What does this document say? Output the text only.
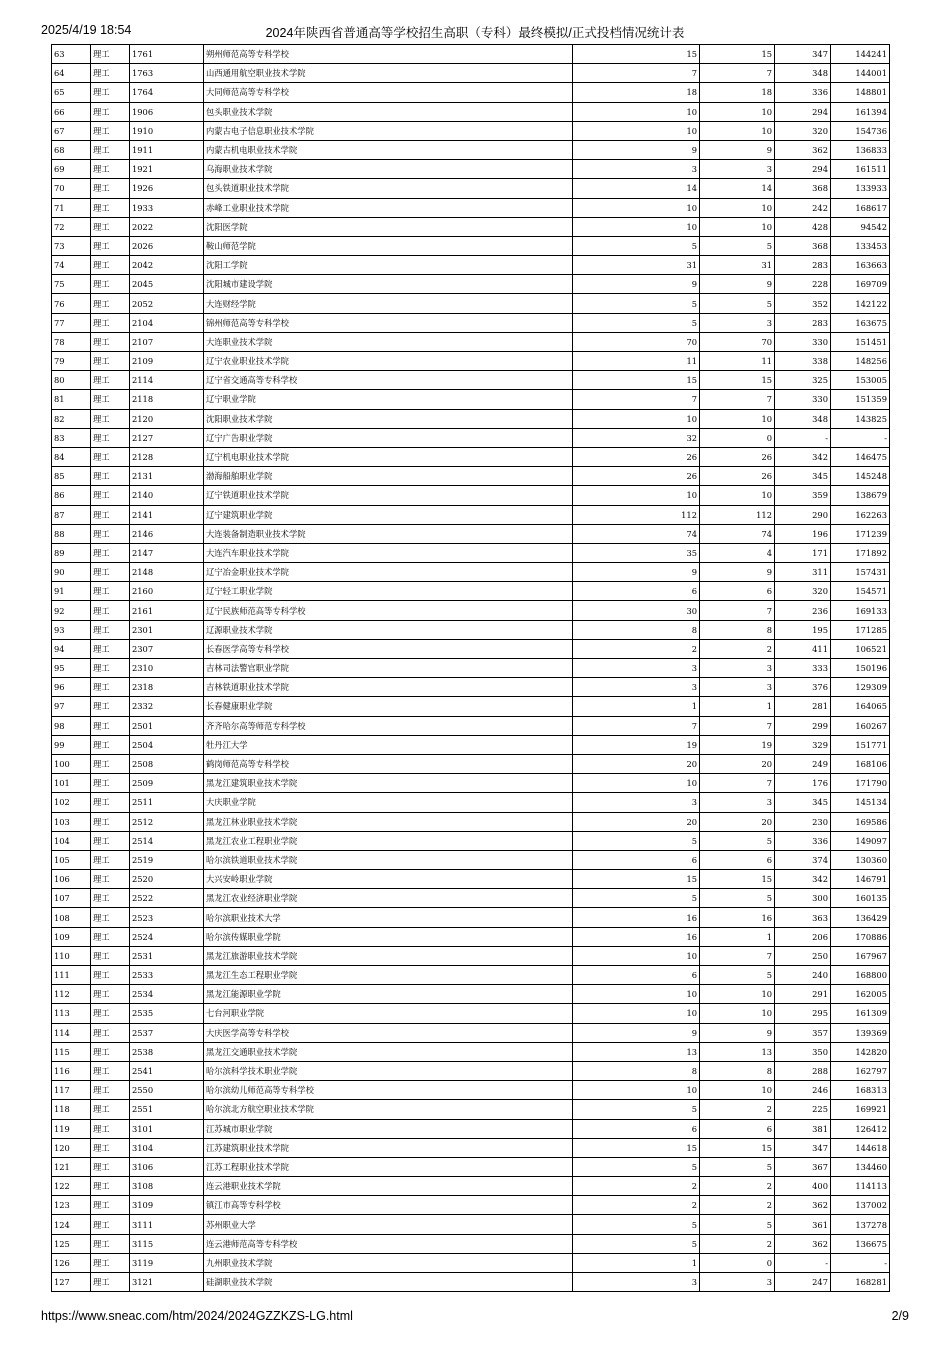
2025/4/19 18:54	2024年陕西省普通高等学校招生高职（专科）最终模拟/正式投档情况统计表
63	理工	1761	朔州师范高等专科学校	15	15	347	144241
64	理工	1763	山西通用航空职业技术学院	7	7	348	144001
65	理工	1764	大同师范高等专科学校	18	18	336	148801
66	理工	1906	包头职业技术学院	10	10	294	161394
67	理工	1910	内蒙古电子信息职业技术学院	10	10	320	154736
68	理工	1911	内蒙古机电职业技术学院	9	9	362	136833
69	理工	1921	乌海职业技术学院	3	3	294	161511
70	理工	1926	包头铁道职业技术学院	14	14	368	133933
71	理工	1933	赤峰工业职业技术学院	10	10	242	168617
72	理工	2022	沈阳医学院	10	10	428	94542
73	理工	2026	鞍山师范学院	5	5	368	133453
74	理工	2042	沈阳工学院	31	31	283	163663
75	理工	2045	沈阳城市建设学院	9	9	228	169709
76	理工	2052	大连财经学院	5	5	352	142122
77	理工	2104	锦州师范高等专科学校	5	3	283	163675
78	理工	2107	大连职业技术学院	70	70	330	151451
79	理工	2109	辽宁农业职业技术学院	11	11	338	148256
80	理工	2114	辽宁省交通高等专科学校	15	15	325	153005
81	理工	2118	辽宁职业学院	7	7	330	151359
82	理工	2120	沈阳职业技术学院	10	10	348	143825
83	理工	2127	辽宁广告职业学院	32	0	-	-
84	理工	2128	辽宁机电职业技术学院	26	26	342	146475
85	理工	2131	渤海船舶职业学院	26	26	345	145248
86	理工	2140	辽宁铁道职业技术学院	10	10	359	138679
87	理工	2141	辽宁建筑职业学院	112	112	290	162263
88	理工	2146	大连装备制造职业技术学院	74	74	196	171239
89	理工	2147	大连汽车职业技术学院	35	4	171	171892
90	理工	2148	辽宁冶金职业技术学院	9	9	311	157431
91	理工	2160	辽宁轻工职业学院	6	6	320	154571
92	理工	2161	辽宁民族师范高等专科学校	30	7	236	169133
93	理工	2301	辽源职业技术学院	8	8	195	171285
94	理工	2307	长春医学高等专科学校	2	2	411	106521
95	理工	2310	吉林司法警官职业学院	3	3	333	150196
96	理工	2318	吉林铁道职业技术学院	3	3	376	129309
97	理工	2332	长春健康职业学院	1	1	281	164065
98	理工	2501	齐齐哈尔高等师范专科学校	7	7	299	160267
99	理工	2504	牡丹江大学	19	19	329	151771
100	理工	2508	鹤岗师范高等专科学校	20	20	249	168106
101	理工	2509	黑龙江建筑职业技术学院	10	7	176	171790
102	理工	2511	大庆职业学院	3	3	345	145134
103	理工	2512	黑龙江林业职业技术学院	20	20	230	169586
104	理工	2514	黑龙江农业工程职业学院	5	5	336	149097
105	理工	2519	哈尔滨铁道职业技术学院	6	6	374	130360
106	理工	2520	大兴安岭职业学院	15	15	342	146791
107	理工	2522	黑龙江农业经济职业学院	5	5	300	160135
108	理工	2523	哈尔滨职业技术大学	16	16	363	136429
109	理工	2524	哈尔滨传媒职业学院	16	1	206	170886
110	理工	2531	黑龙江旅游职业技术学院	10	7	250	167967
111	理工	2533	黑龙江生态工程职业学院	6	5	240	168800
112	理工	2534	黑龙江能源职业学院	10	10	291	162005
113	理工	2535	七台河职业学院	10	10	295	161309
114	理工	2537	大庆医学高等专科学校	9	9	357	139369
115	理工	2538	黑龙江交通职业技术学院	13	13	350	142820
116	理工	2541	哈尔滨科学技术职业学院	8	8	288	162797
117	理工	2550	哈尔滨幼儿师范高等专科学校	10	10	246	168313
118	理工	2551	哈尔滨北方航空职业技术学院	5	2	225	169921
119	理工	3101	江苏城市职业学院	6	6	381	126412
120	理工	3104	江苏建筑职业技术学院	15	15	347	144618
121	理工	3106	江苏工程职业技术学院	5	5	367	134460
122	理工	3108	连云港职业技术学院	2	2	400	114113
123	理工	3109	镇江市高等专科学校	2	2	362	137002
124	理工	3111	苏州职业大学	5	5	361	137278
125	理工	3115	连云港师范高等专科学校	5	2	362	136675
126	理工	3119	九州职业技术学院	1	0	-	-
127	理工	3121	硅湖职业技术学院	3	3	247	168281
https://www.sneac.com/htm/2024/2024GZZKZS-LG.html	2/9
